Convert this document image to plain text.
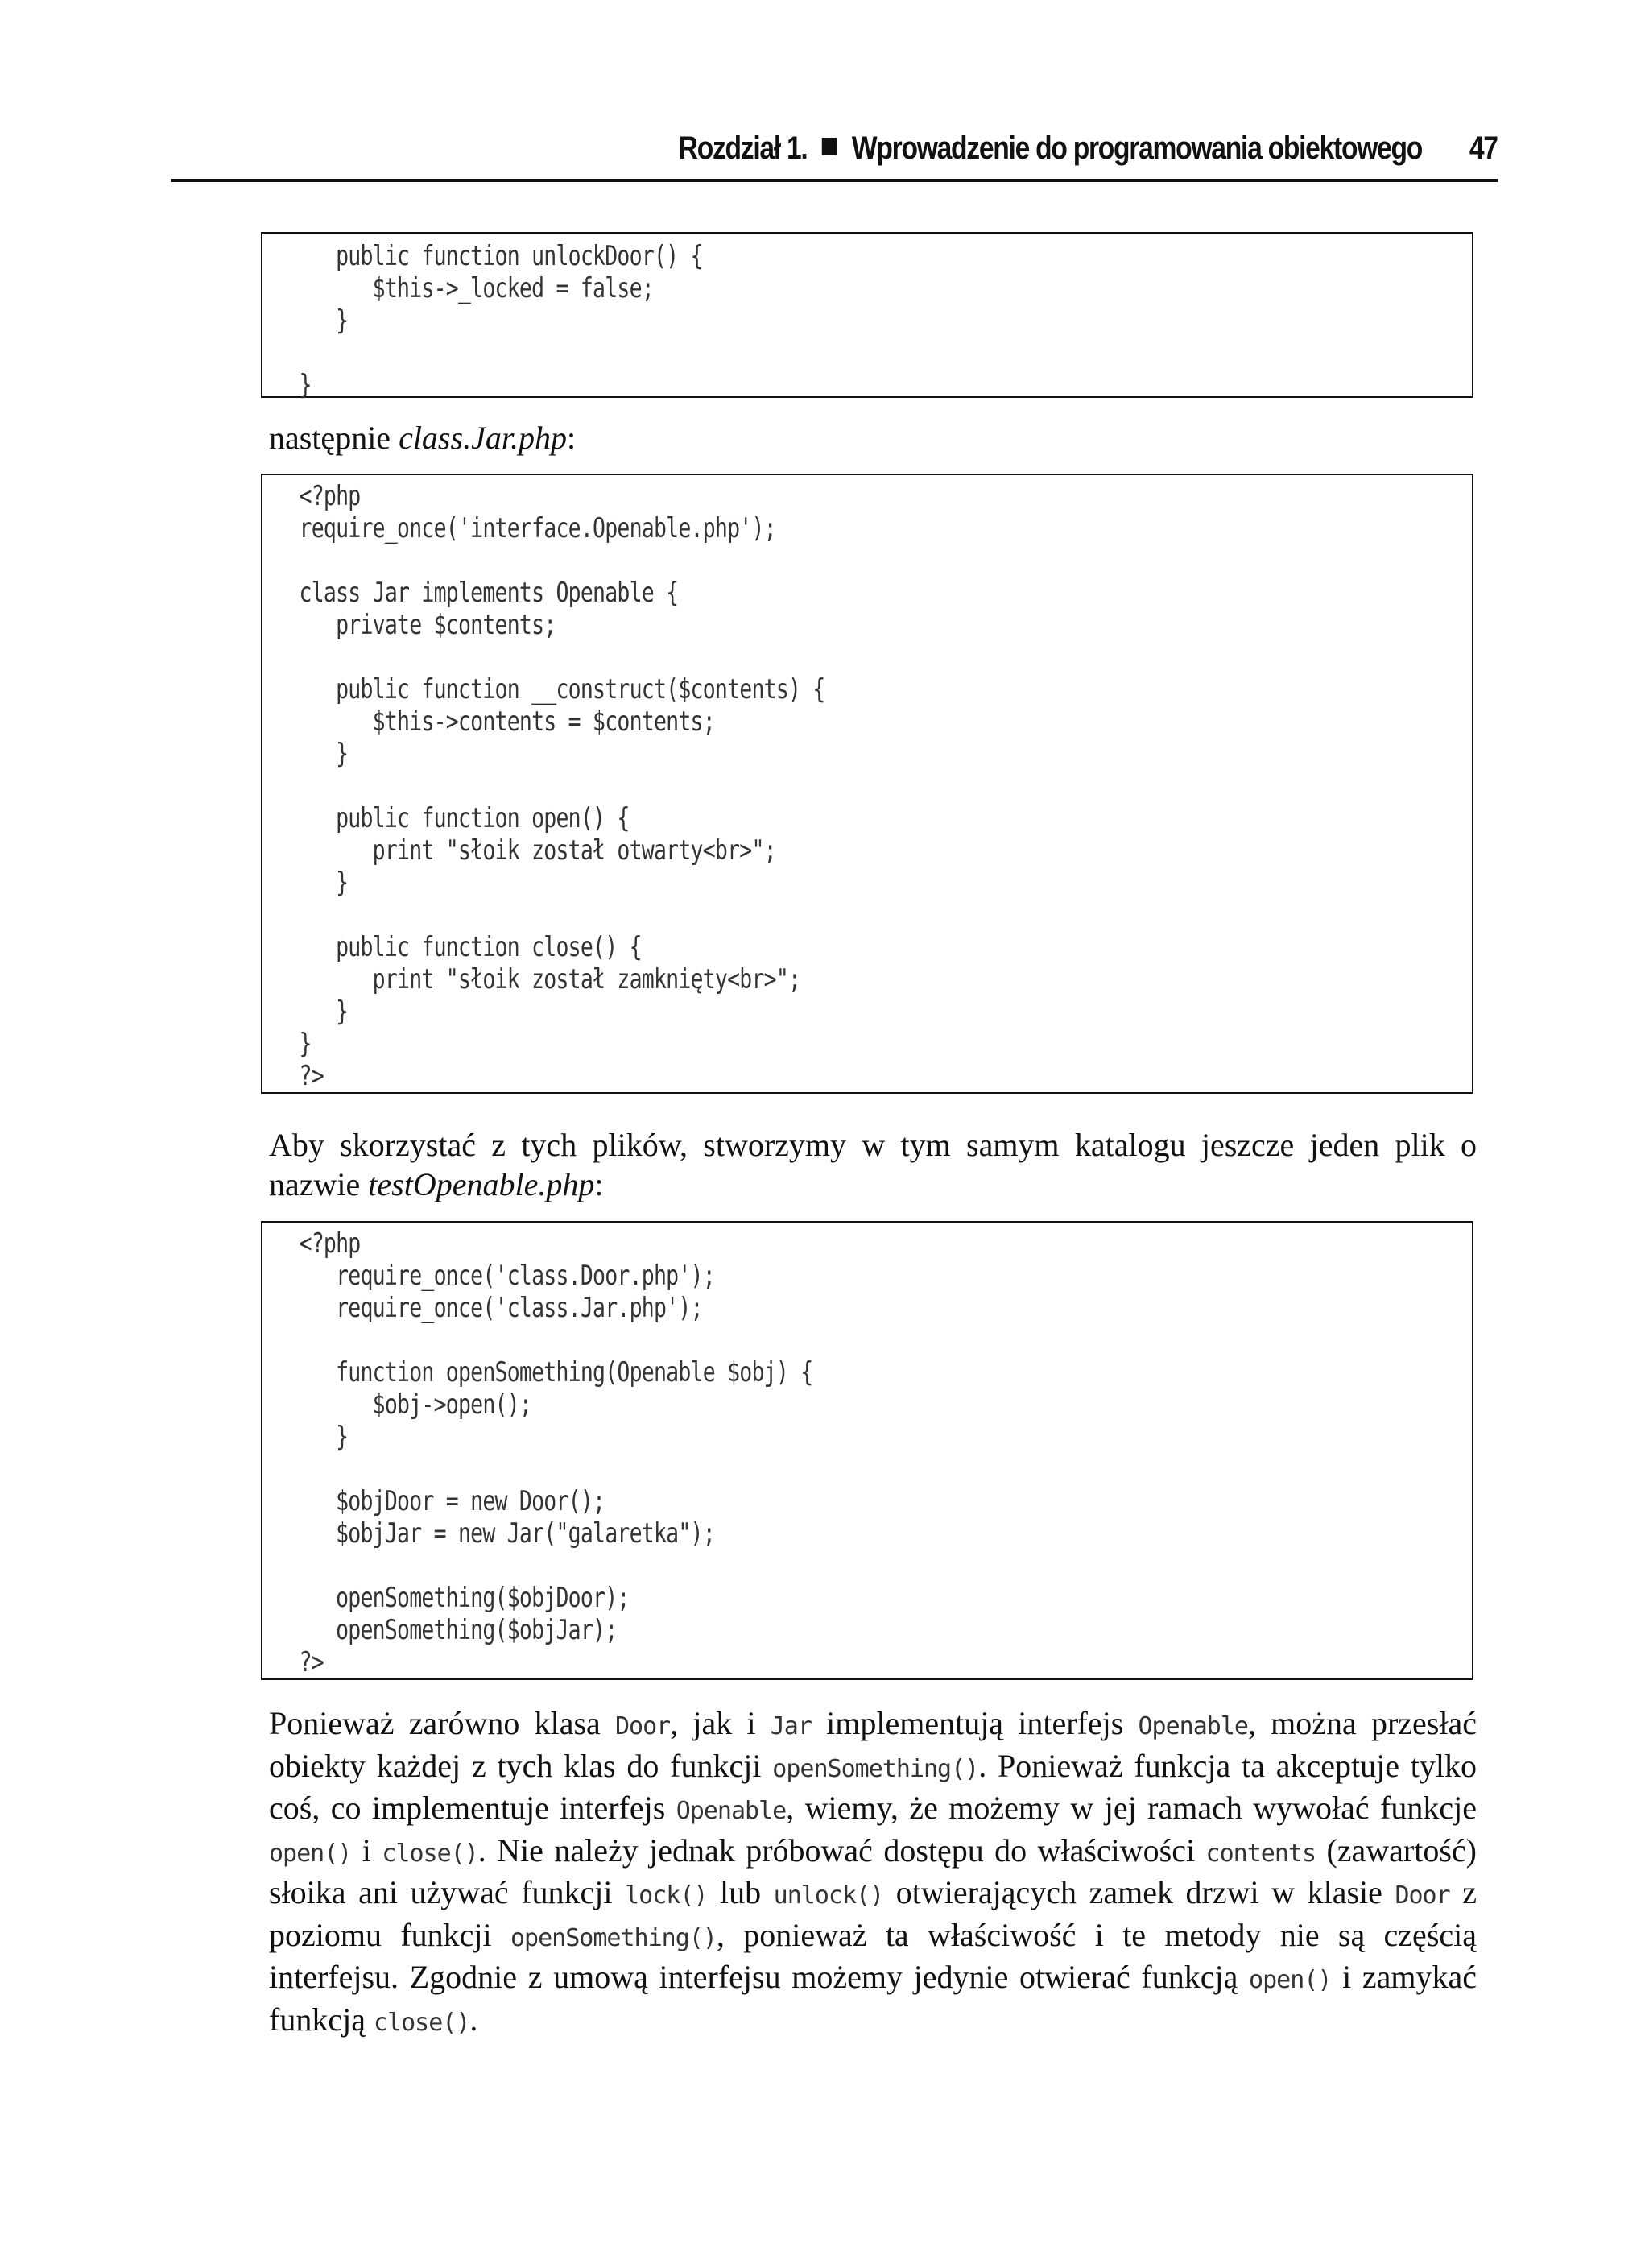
Rozdział 1. Wprowadzenie do programowania obiektowego 47
public function unlockDoor() {
$this->_locked = false;
}

}
następnie class.Jar.php:
<?php
require_once('interface.Openable.php');

class Jar implements Openable {
private $contents;

public function __construct($contents) {
$this->contents = $contents;
}

public function open() {
print "słoik został otwarty<br>";
}

public function close() {
print "słoik został zamknięty<br>";
}
}
?>
Aby skorzystać z tych plików, stworzymy w tym samym katalogu jeszcze jeden plik o nazwie testOpenable.php:
<?php
require_once('class.Door.php');
require_once('class.Jar.php');

function openSomething(Openable $obj) {
$obj->open();
}

$objDoor = new Door();
$objJar = new Jar("galaretka");

openSomething($objDoor);
openSomething($objJar);
?>
Ponieważ zarówno klasa Door, jak i Jar implementują interfejs Openable, można przesłać obiekty każdej z tych klas do funkcji openSomething(). Ponieważ funkcja ta akceptuje tylko coś, co implementuje interfejs Openable, wiemy, że możemy w jej ramach wywołać funkcje open() i close(). Nie należy jednak próbować dostępu do właściwości contents (zawartość) słoika ani używać funkcji lock() lub unlock() otwierających zamek drzwi w klasie Door z poziomu funkcji openSomething(), ponieważ ta właściwość i te metody nie są częścią interfejsu. Zgodnie z umową interfejsu możemy jedynie otwierać funkcją open() i zamykać funkcją close().
